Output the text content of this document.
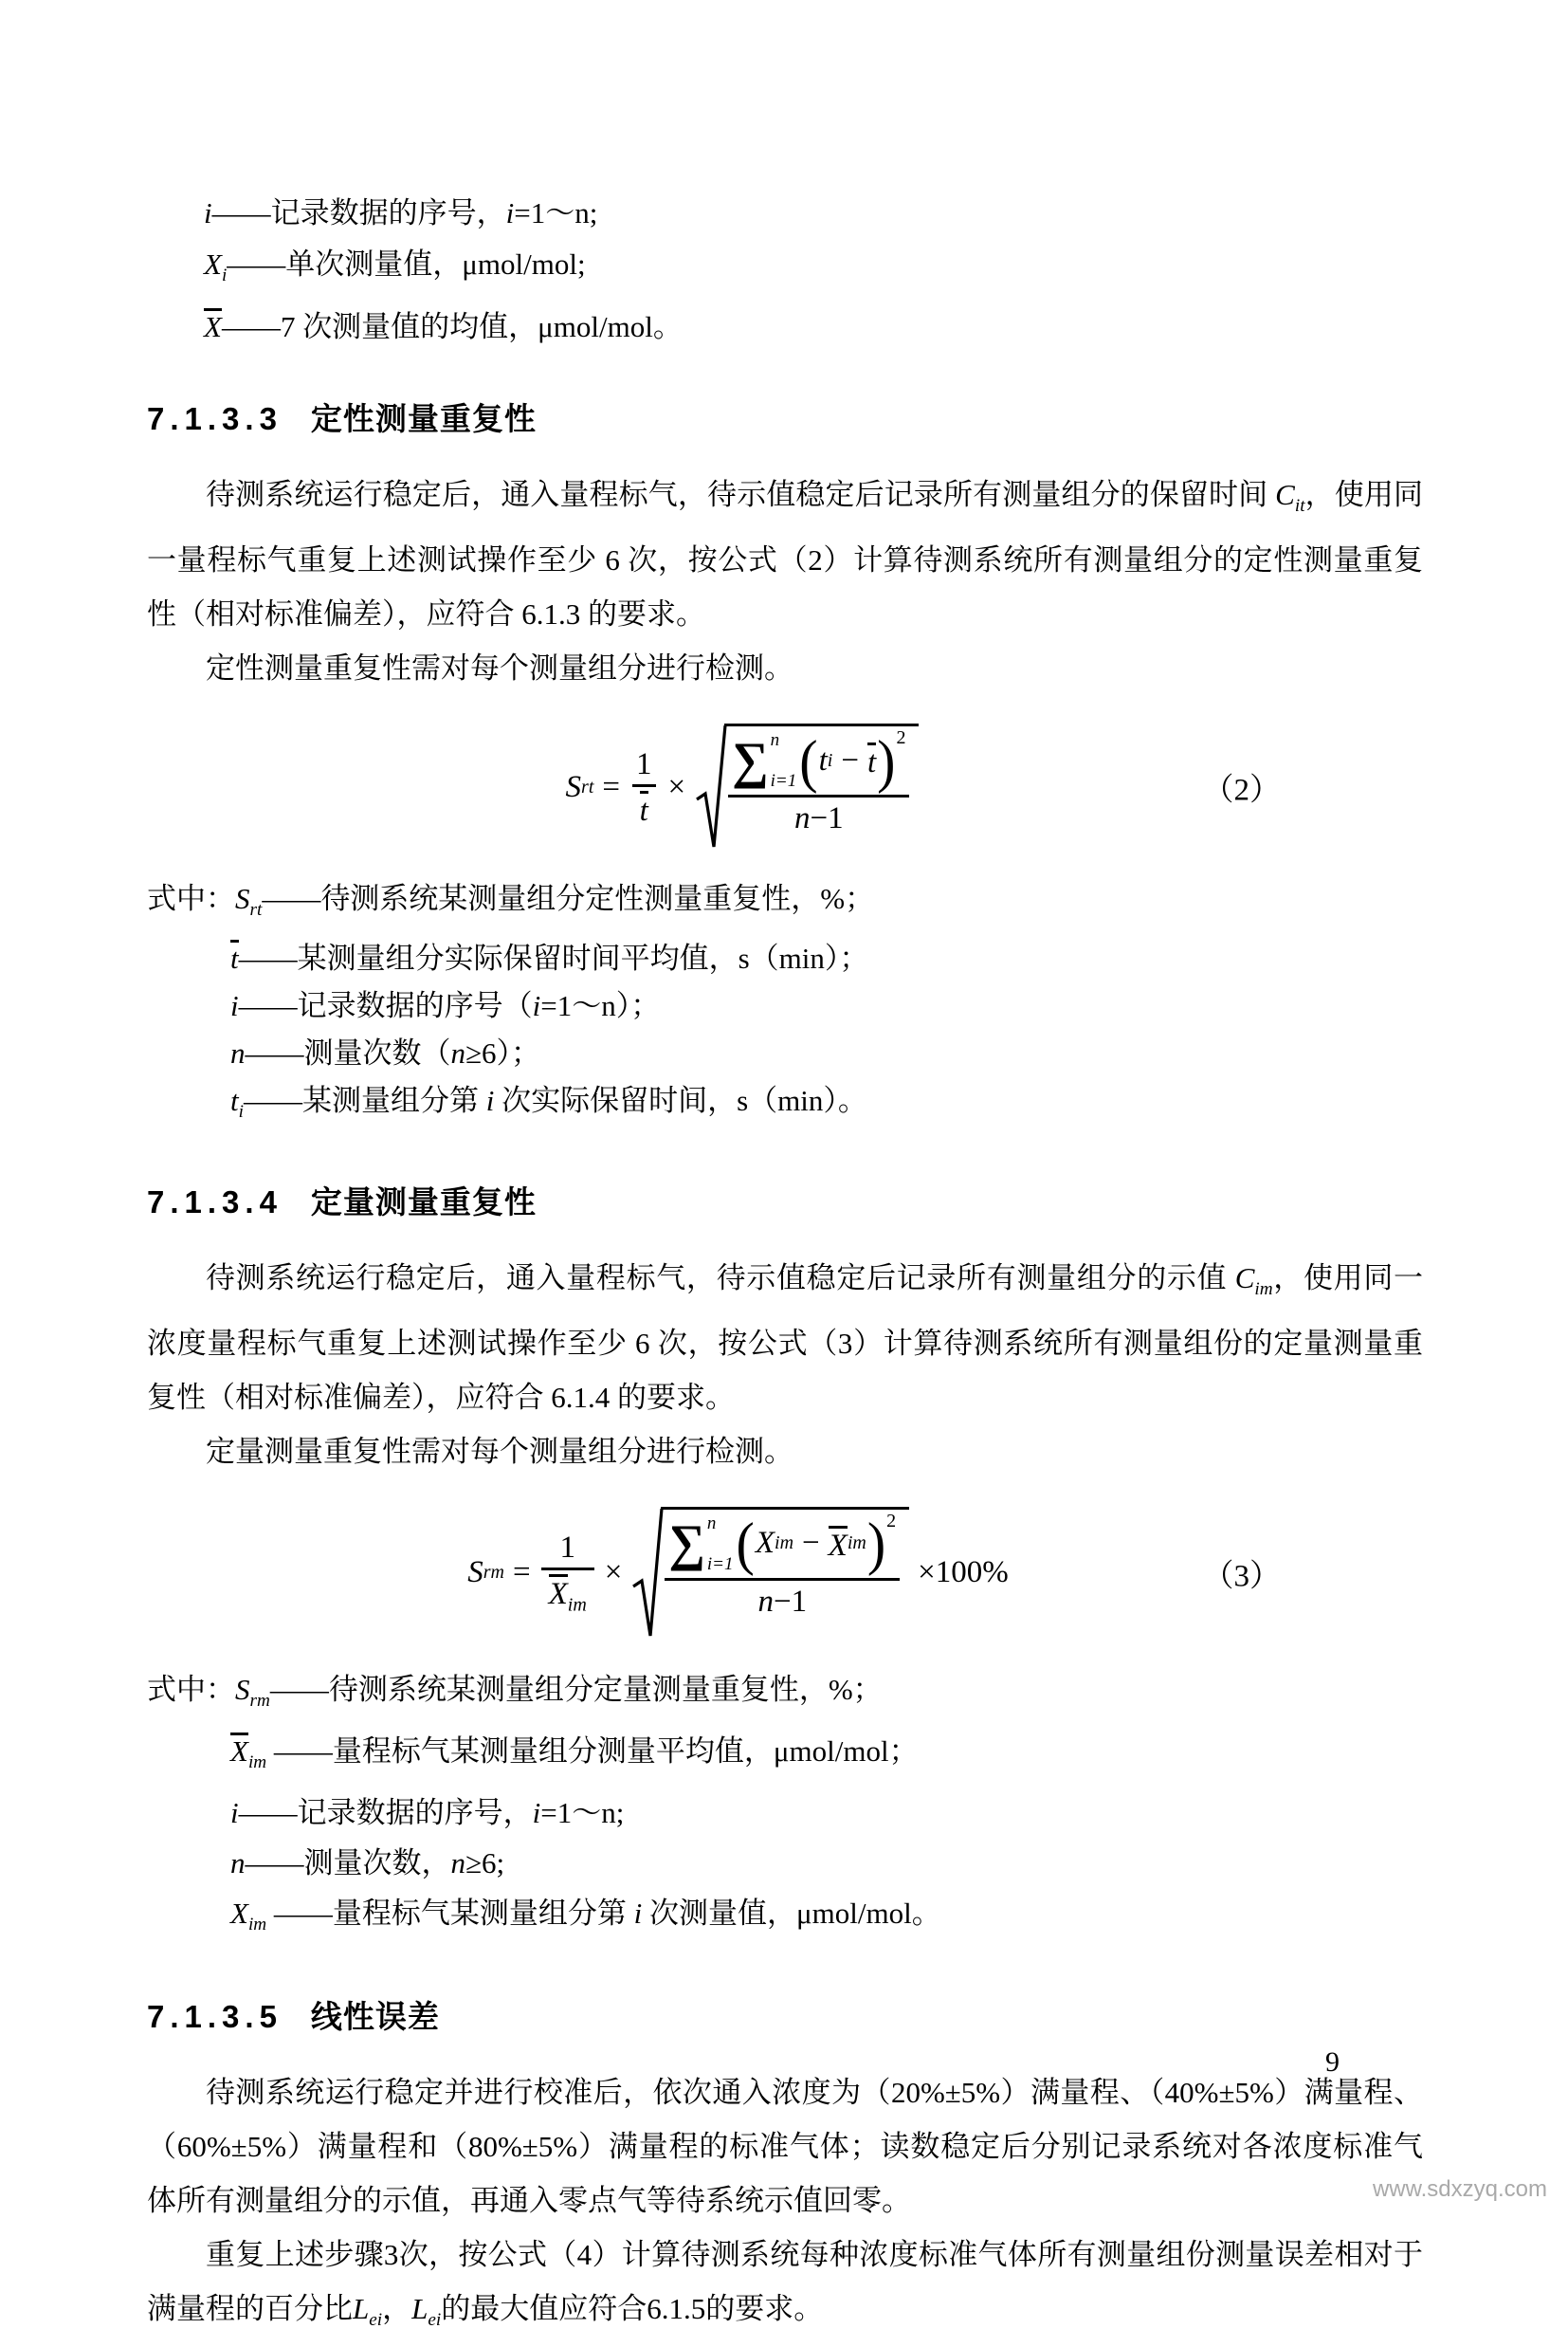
i——记录数据的序号，i=1～n;
$X_i——$单次测量值，μmol/mol;
X——7 次测量值的均值，μmol/mol。
7.1.3.3 定性测量重复性

待测系统运行稳定后，通入量程标气，待示值稳定后记录所有测量组分的保留时间 $C_{it}$，使用同一量程标气重复上述测试操作至少 6 次，按公式（2）计算待测系统所有测量组分的定性测量重复性（相对标准偏差），应符合 6.1.3 的要求。

定性测量重复性需对每个测量组分进行检测。

S rt = $\frac{1}{t}$ × ∑ n
i=1 ( t i − t )$^2$
n−1
（2）
式中：$S_{rt}——$待测系统某测量组分定性测量重复性，%；
t——某测量组分实际保留时间平均值，s（min）；
i——记录数据的序号（i=1～n）；
n——测量次数（n≥6）；
$t_i——$某测量组分第 i 次实际保留时间，s（min）。
7.1.3.4 定量测量重复性

待测系统运行稳定后，通入量程标气，待示值稳定后记录所有测量组分的示值 $C_{im}$，使用同一浓度量程标气重复上述测试操作至少 6 次，按公式（3）计算待测系统所有测量组份的定量测量重复性（相对标准偏差），应符合 6.1.4 的要求。

定量测量重复性需对每个测量组分进行检测。

S rm = $\frac{1}{X_{im}}$ ×
∑ n
i=1 ( X im − X im )$^2$
n−1
×100%	（3）
式中：$S_{rm}——$待测系统某测量组分定量测量重复性，%；
$X_{im}$ ——量程标气某测量组分测量平均值，μmol/mol；
i——记录数据的序号，i=1～n;
n——测量次数，n≥6;
$X_{im}$ ——量程标气某测量组分第 i 次测量值，μmol/mol。
7.1.3.5 线性误差

待测系统运行稳定并进行校准后，依次通入浓度为（20%±5%）满量程、（40%±5%）满量程、（60%±5%）满量程和（80%±5%）满量程的标准气体；读数稳定后分别记录系统对各浓度标准气体所有测量组分的示值，再通入零点气等待系统示值回零。

重复上述步骤3次，按公式（4）计算待测系统每种浓度标准气体所有测量组份测量误差相对于满量程的百分比$L_{ei}$，$L_{ei}$的最大值应符合6.1.5的要求。

9
www.sdxzyq.com
